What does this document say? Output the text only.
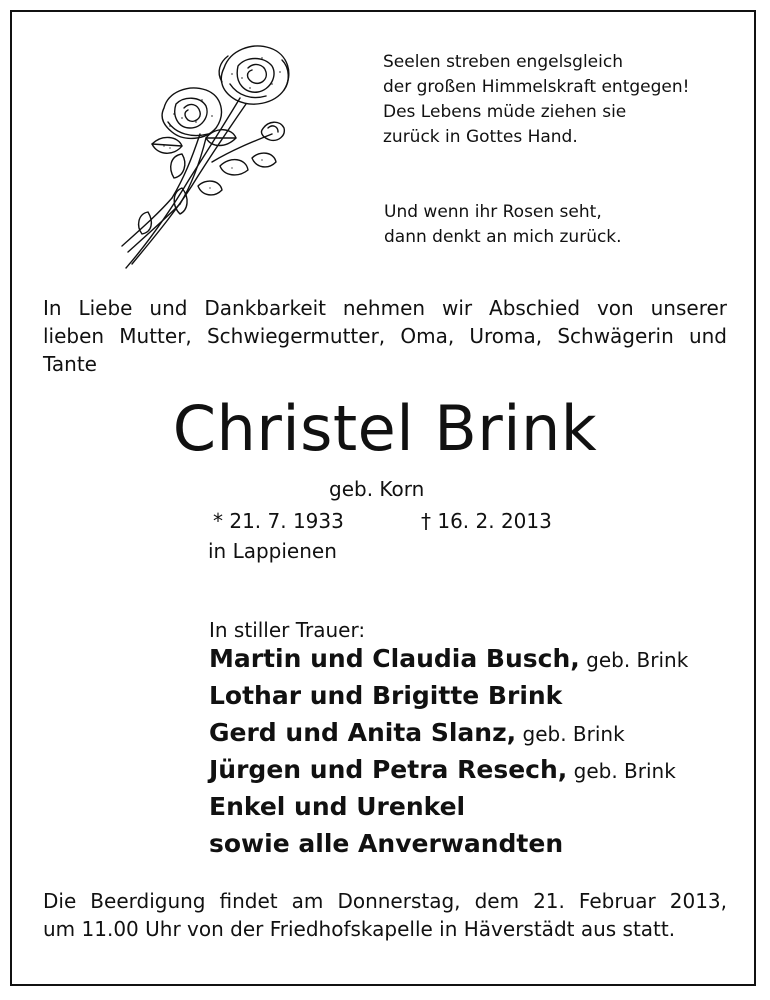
Seelen streben engelsgleich
der großen Himmelskraft entgegen!
Des Lebens müde ziehen sie
zurück in Gottes Hand.
Und wenn ihr Rosen seht,
dann denkt an mich zurück.
In Liebe und Dankbarkeit nehmen wir Abschied von unserer
lieben Mutter, Schwiegermutter, Oma, Uroma, Schwägerin und
Tante
Christel Brink
geb. Korn
* 21. 7. 1933	† 16. 2. 2013
in Lappienen
In stiller Trauer:
Martin und Claudia Busch, geb. Brink
Lothar und Brigitte Brink
Gerd und Anita Slanz, geb. Brink
Jürgen und Petra Resech, geb. Brink
Enkel und Urenkel
sowie alle Anverwandten
Die Beerdigung findet am Donnerstag, dem 21. Februar 2013,
um 11.00 Uhr von der Friedhofskapelle in Häverstädt aus statt.
